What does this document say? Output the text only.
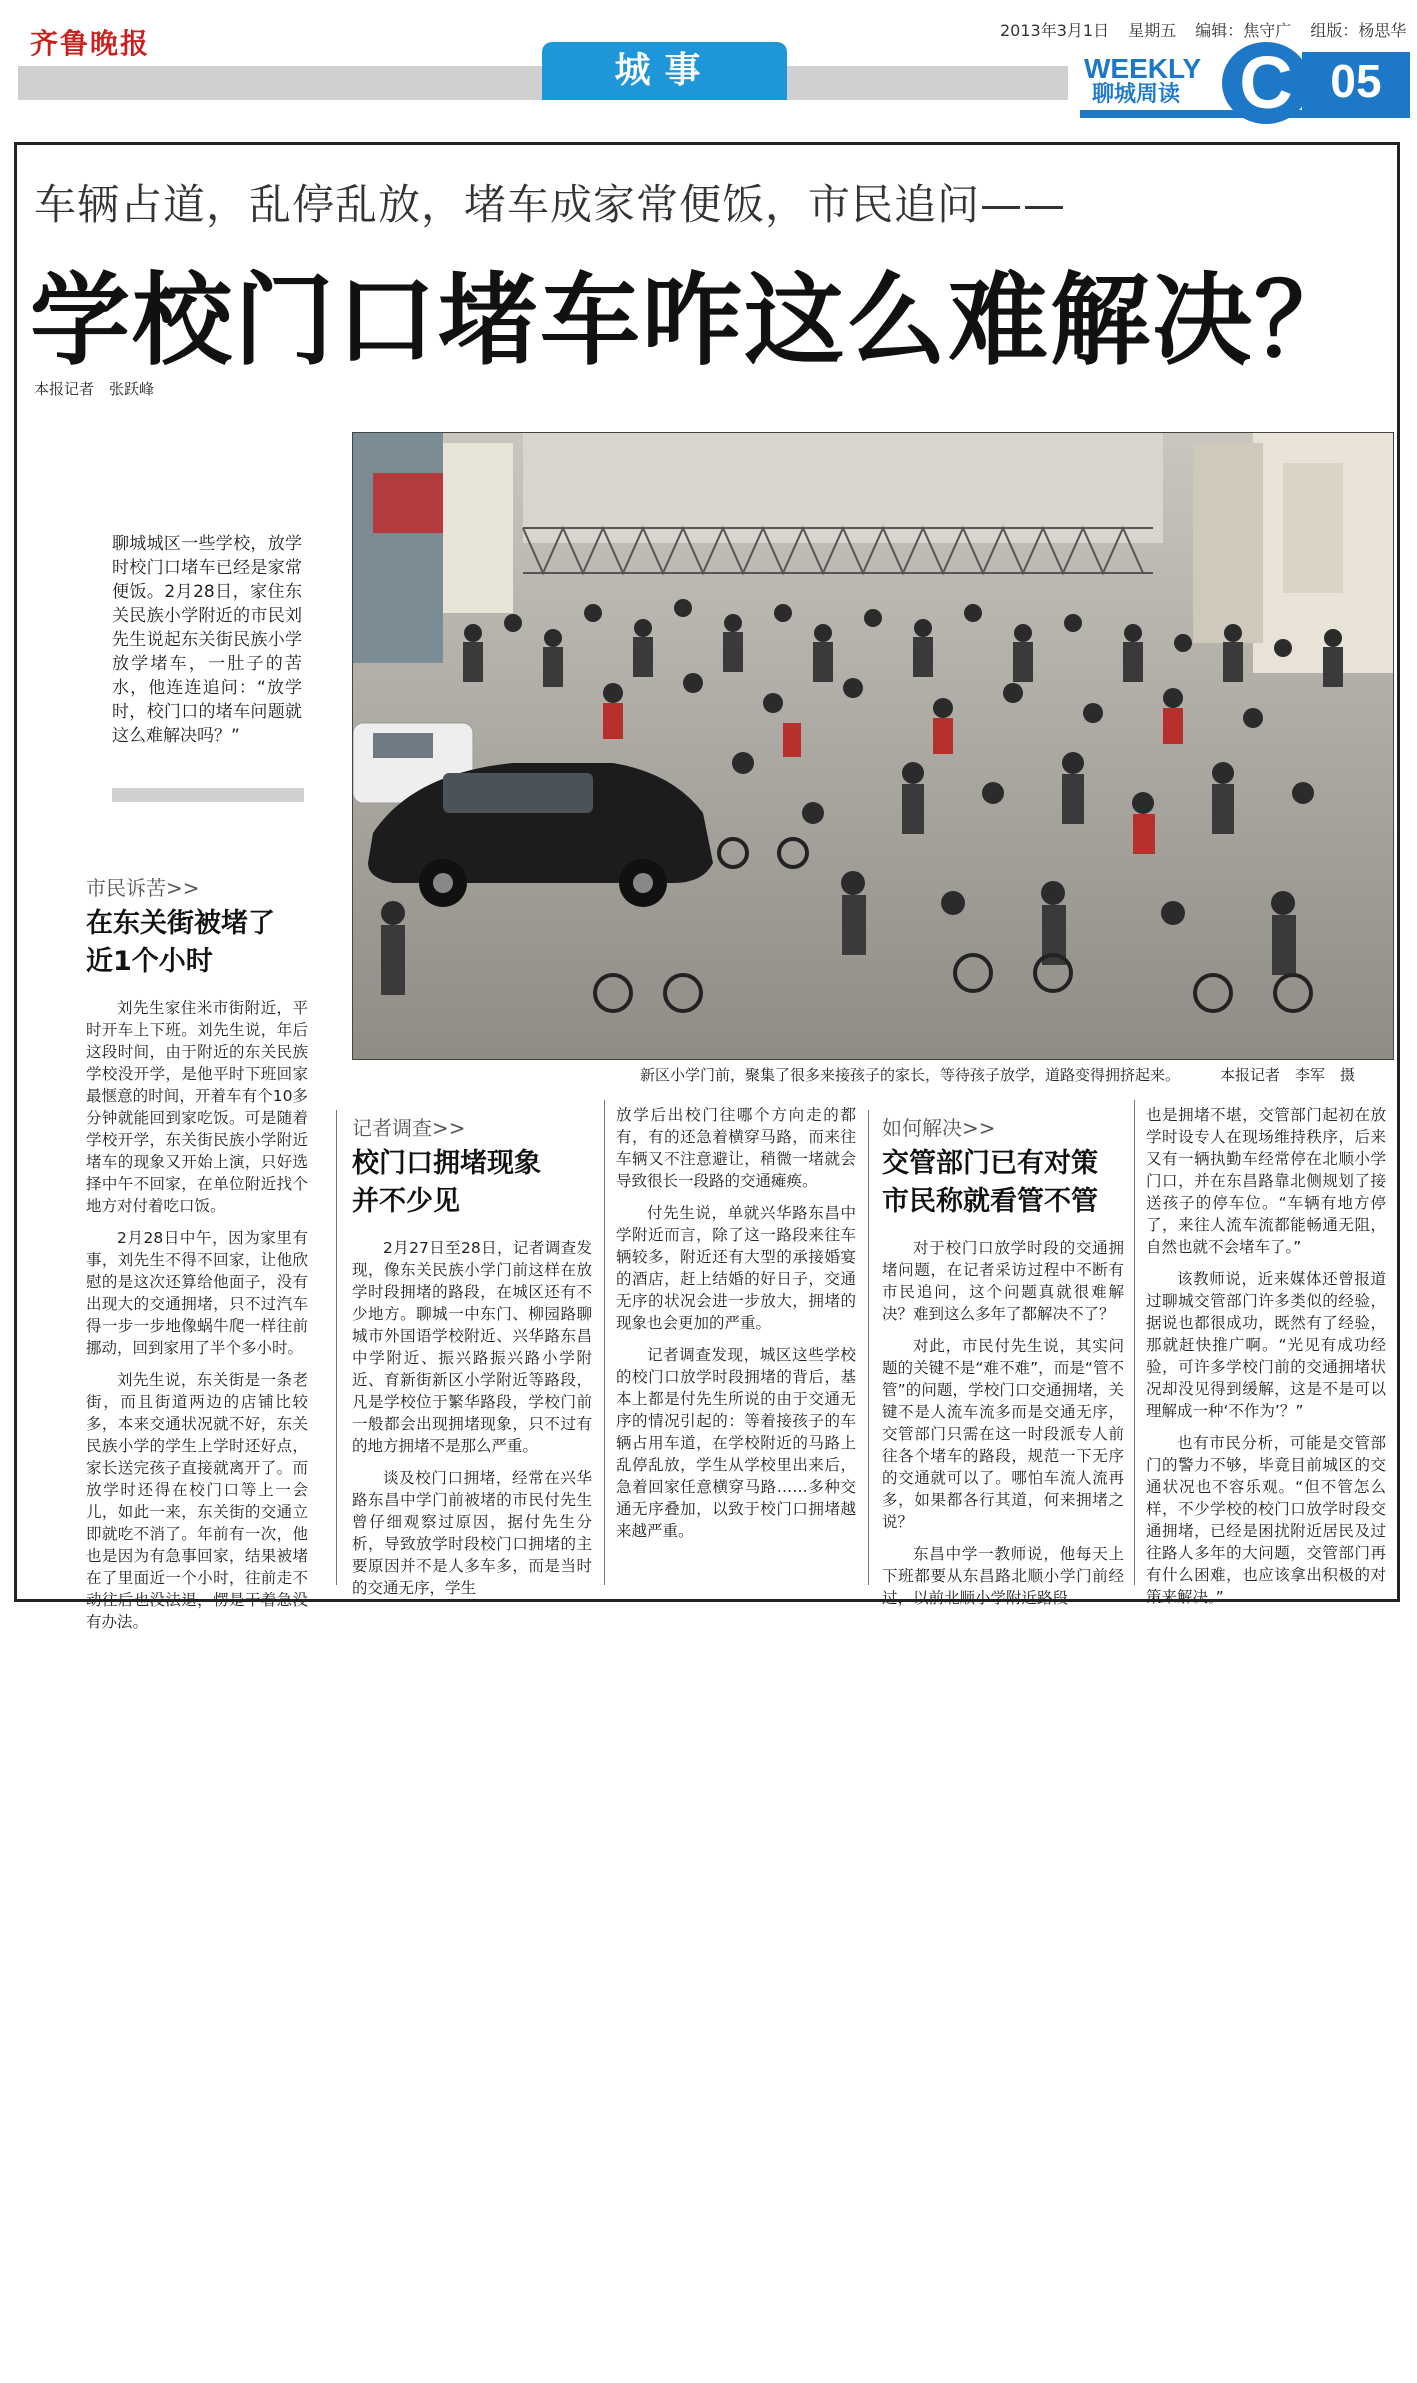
齐鲁晚报	2013年3月1日 星期五 编辑：焦守广 组版：杨思华
城事	WEEKLY
聊城周读	05
C
车辆占道，乱停乱放，堵车成家常便饭，市民追问——
学校门口堵车咋这么难解决？
本报记者　张跃峰
聊城城区一些学校，放学时校门口堵车已经是家常便饭。2月28日，家住东关民族小学附近的市民刘先生说起东关街民族小学放学堵车，一肚子的苦水，他连连追问：“放学时，校门口的堵车问题就这么难解决吗？”
新区小学门前，聚集了很多来接孩子的家长，等待孩子放学，道路变得拥挤起来。	本报记者　李军　摄
市民诉苦>>
在东关街被堵了
近1个小时

刘先生家住米市街附近，平时开车上下班。刘先生说，年后这段时间，由于附近的东关民族学校没开学，是他平时下班回家最惬意的时间，开着车有个10多分钟就能回到家吃饭。可是随着学校开学，东关街民族小学附近堵车的现象又开始上演，只好选择中午不回家，在单位附近找个地方对付着吃口饭。

2月28日中午，因为家里有事，刘先生不得不回家，让他欣慰的是这次还算给他面子，没有出现大的交通拥堵，只不过汽车得一步一步地像蜗牛爬一样往前挪动，回到家用了半个多小时。

刘先生说，东关街是一条老街，而且街道两边的店铺比较多，本来交通状况就不好，东关民族小学的学生上学时还好点，家长送完孩子直接就离开了。而放学时还得在校门口等上一会儿，如此一来，东关街的交通立即就吃不消了。年前有一次，他也是因为有急事回家，结果被堵在了里面近一个小时，往前走不动往后也没法退，愣是干着急没有办法。

记者调查>>
校门口拥堵现象
并不少见

2月27日至28日，记者调查发现，像东关民族小学门前这样在放学时段拥堵的路段，在城区还有不少地方。聊城一中东门、柳园路聊城市外国语学校附近、兴华路东昌中学附近、振兴路振兴路小学附近、育新街新区小学附近等路段，凡是学校位于繁华路段，学校门前一般都会出现拥堵现象，只不过有的地方拥堵不是那么严重。

谈及校门口拥堵，经常在兴华路东昌中学门前被堵的市民付先生曾仔细观察过原因，据付先生分析，导致放学时段校门口拥堵的主要原因并不是人多车多，而是当时的交通无序，学生

放学后出校门往哪个方向走的都有，有的还急着横穿马路，而来往车辆又不注意避让，稍微一堵就会导致很长一段路的交通瘫痪。

付先生说，单就兴华路东昌中学附近而言，除了这一路段来往车辆较多，附近还有大型的承接婚宴的酒店，赶上结婚的好日子，交通无序的状况会进一步放大，拥堵的现象也会更加的严重。

记者调查发现，城区这些学校的校门口放学时段拥堵的背后，基本上都是付先生所说的由于交通无序的情况引起的：等着接孩子的车辆占用车道，在学校附近的马路上乱停乱放，学生从学校里出来后，急着回家任意横穿马路……多种交通无序叠加，以致于校门口拥堵越来越严重。

如何解决>>
交管部门已有对策
市民称就看管不管

对于校门口放学时段的交通拥堵问题，在记者采访过程中不断有市民追问，这个问题真就很难解决？难到这么多年了都解决不了？

对此，市民付先生说，其实问题的关键不是“难不难”，而是“管不管”的问题，学校门口交通拥堵，关键不是人流车流多而是交通无序，交管部门只需在这一时段派专人前往各个堵车的路段，规范一下无序的交通就可以了。哪怕车流人流再多，如果都各行其道，何来拥堵之说？

东昌中学一教师说，他每天上下班都要从东昌路北顺小学门前经过，以前北顺小学附近路段

也是拥堵不堪，交管部门起初在放学时设专人在现场维持秩序，后来又有一辆执勤车经常停在北顺小学门口，并在东昌路靠北侧规划了接送孩子的停车位。“车辆有地方停了，来往人流车流都能畅通无阻，自然也就不会堵车了。”

该教师说，近来媒体还曾报道过聊城交管部门许多类似的经验，据说也都很成功，既然有了经验，那就赶快推广啊。“光见有成功经验，可许多学校门前的交通拥堵状况却没见得到缓解，这是不是可以理解成一种‘不作为’？”

也有市民分析，可能是交管部门的警力不够，毕竟目前城区的交通状况也不容乐观。“但不管怎么样，不少学校的校门口放学时段交通拥堵，已经是困扰附近居民及过往路人多年的大问题，交管部门再有什么困难，也应该拿出积极的对策来解决。”
